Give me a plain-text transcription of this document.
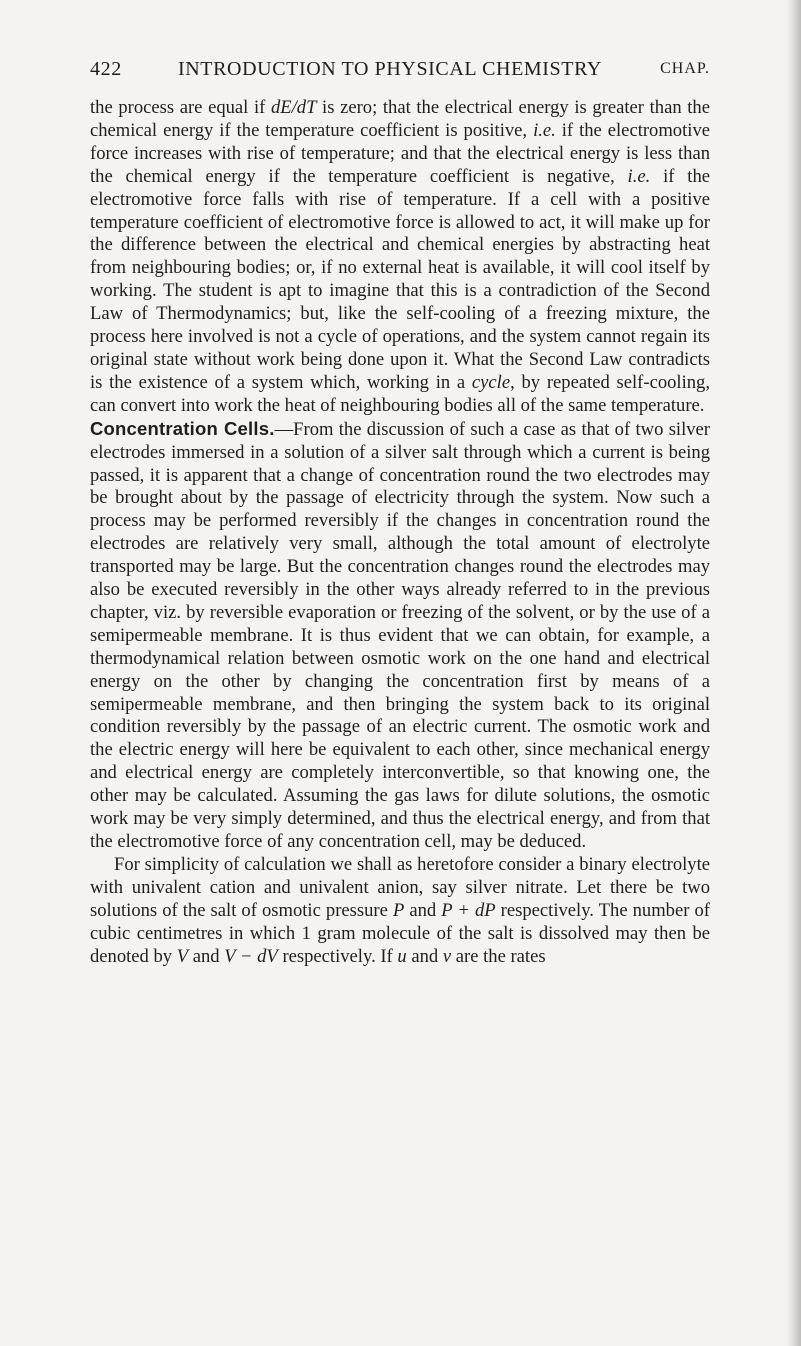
422	INTRODUCTION TO PHYSICAL CHEMISTRY	CHAP.

the process are equal if dE/dT is zero; that the electrical energy is greater than the chemical energy if the temperature coefficient is positive, i.e. if the electromotive force increases with rise of temperature; and that the electrical energy is less than the chemical energy if the temperature coefficient is negative, i.e. if the electromotive force falls with rise of temperature. If a cell with a positive temperature coefficient of electromotive force is allowed to act, it will make up for the difference between the electrical and chemical energies by abstracting heat from neighbouring bodies; or, if no external heat is available, it will cool itself by working. The student is apt to imagine that this is a contradiction of the Second Law of Thermodynamics; but, like the self-cooling of a freezing mixture, the process here involved is not a cycle of operations, and the system cannot regain its original state without work being done upon it. What the Second Law contradicts is the existence of a system which, working in a cycle, by repeated self-cooling, can convert into work the heat of neighbouring bodies all of the same temperature.

Concentration Cells.—From the discussion of such a case as that of two silver electrodes immersed in a solution of a silver salt through which a current is being passed, it is apparent that a change of concentration round the two electrodes may be brought about by the passage of electricity through the system. Now such a process may be performed reversibly if the changes in concentration round the electrodes are relatively very small, although the total amount of electrolyte transported may be large. But the concentration changes round the electrodes may also be executed reversibly in the other ways already referred to in the previous chapter, viz. by reversible evaporation or freezing of the solvent, or by the use of a semipermeable membrane. It is thus evident that we can obtain, for example, a thermodynamical relation between osmotic work on the one hand and electrical energy on the other by changing the concentration first by means of a semipermeable membrane, and then bringing the system back to its original condition reversibly by the passage of an electric current. The osmotic work and the electric energy will here be equivalent to each other, since mechanical energy and electrical energy are completely interconvertible, so that knowing one, the other may be calculated. Assuming the gas laws for dilute solutions, the osmotic work may be very simply determined, and thus the electrical energy, and from that the electromotive force of any concentration cell, may be deduced.

For simplicity of calculation we shall as heretofore consider a binary electrolyte with univalent cation and univalent anion, say silver nitrate. Let there be two solutions of the salt of osmotic pressure P and P + dP respectively. The number of cubic centimetres in which 1 gram molecule of the salt is dissolved may then be denoted by V and V − dV respectively. If u and v are the rates
